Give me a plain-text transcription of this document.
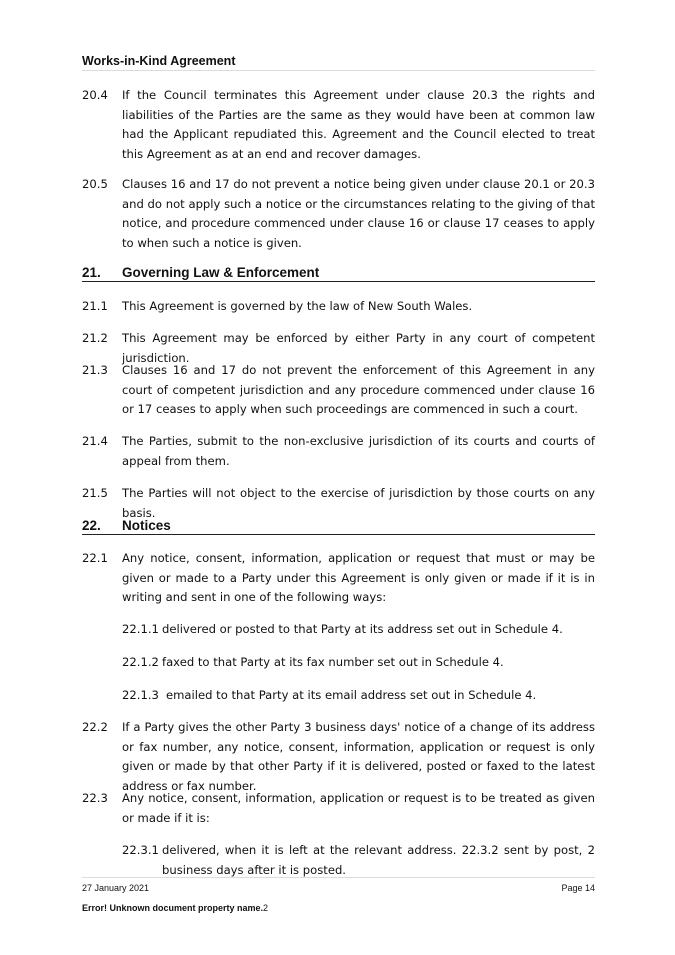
Works-in-Kind Agreement
20.4 If the Council terminates this Agreement under clause 20.3 the rights and liabilities of the Parties are the same as they would have been at common law had the Applicant repudiated this. Agreement and the Council elected to treat this Agreement as at an end and recover damages.
20.5 Clauses 16 and 17 do not prevent a notice being given under clause 20.1 or 20.3 and do not apply such a notice or the circumstances relating to the giving of that notice, and procedure commenced under clause 16 or clause 17 ceases to apply to when such a notice is given.
21. Governing Law & Enforcement
21.1 This Agreement is governed by the law of New South Wales.
21.2 This Agreement may be enforced by either Party in any court of competent jurisdiction.
21.3 Clauses 16 and 17 do not prevent the enforcement of this Agreement in any court of competent jurisdiction and any procedure commenced under clause 16 or 17 ceases to apply when such proceedings are commenced in such a court.
21.4 The Parties, submit to the non-exclusive jurisdiction of its courts and courts of appeal from them.
21.5 The Parties will not object to the exercise of jurisdiction by those courts on any basis.
22. Notices
22.1 Any notice, consent, information, application or request that must or may be given or made to a Party under this Agreement is only given or made if it is in writing and sent in one of the following ways:
22.1.1 delivered or posted to that Party at its address set out in Schedule 4.
22.1.2 faxed to that Party at its fax number set out in Schedule 4.
22.1.3 emailed to that Party at its email address set out in Schedule 4.
22.2 If a Party gives the other Party 3 business days' notice of a change of its address or fax number, any notice, consent, information, application or request is only given or made by that other Party if it is delivered, posted or faxed to the latest address or fax number.
22.3 Any notice, consent, information, application or request is to be treated as given or made if it is:
22.3.1 delivered, when it is left at the relevant address. 22.3.2 sent by post, 2 business days after it is posted.
27 January 2021	Page 14
Error! Unknown document property name.2
